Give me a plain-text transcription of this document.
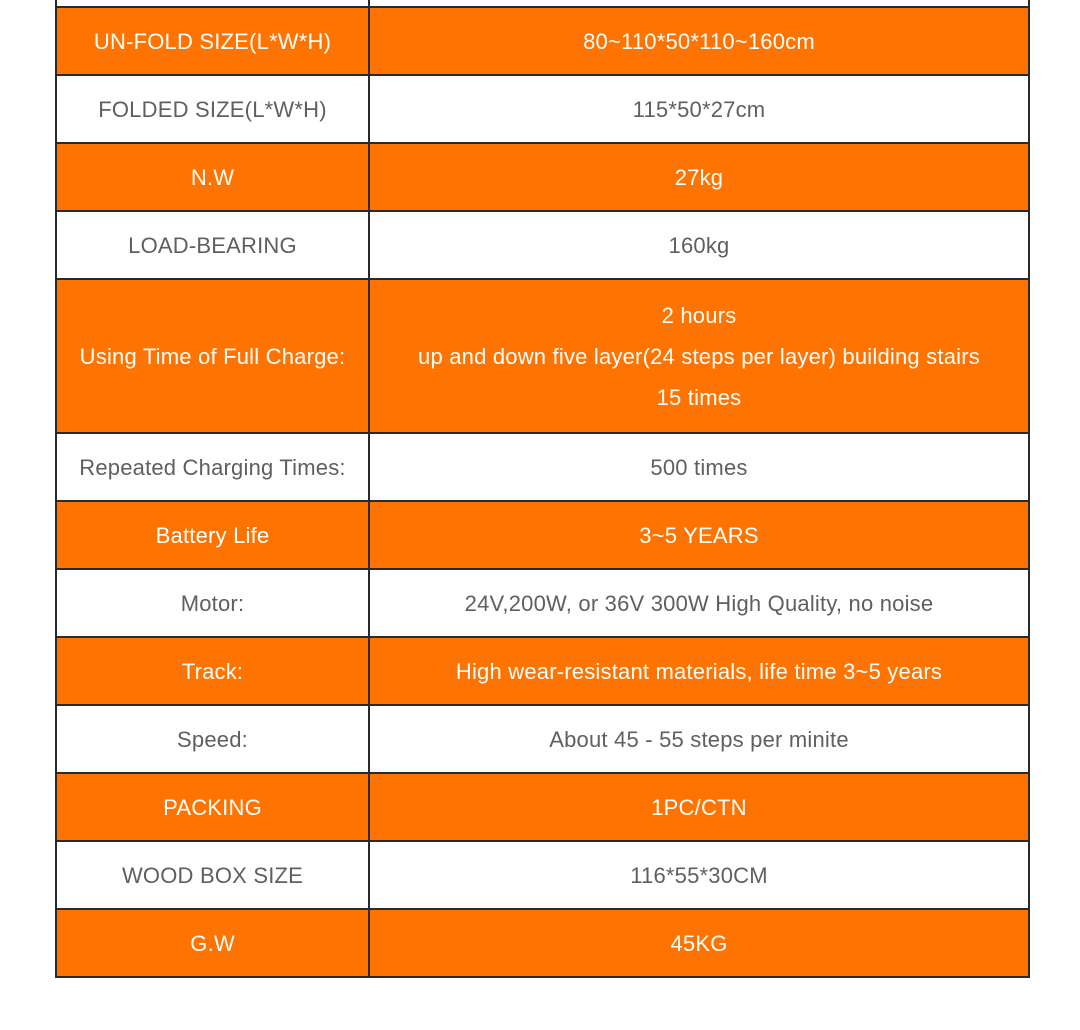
UN-FOLD SIZE(L*W*H)	80~110*50*110~160cm
FOLDED SIZE(L*W*H)	115*50*27cm
N.W	27kg
LOAD-BEARING	160kg
Using Time of Full Charge:	2 hours
up and down five layer(24 steps per layer) building stairs
15 times

Repeated Charging Times:	500 times
Battery Life	3~5 YEARS
Motor:	24V,200W, or 36V 300W High Quality, no noise
Track:	High wear-resistant materials, life time 3~5 years
Speed:	About 45 - 55 steps per minite
PACKING	1PC/CTN
WOOD BOX SIZE	116*55*30CM
G.W	45KG
